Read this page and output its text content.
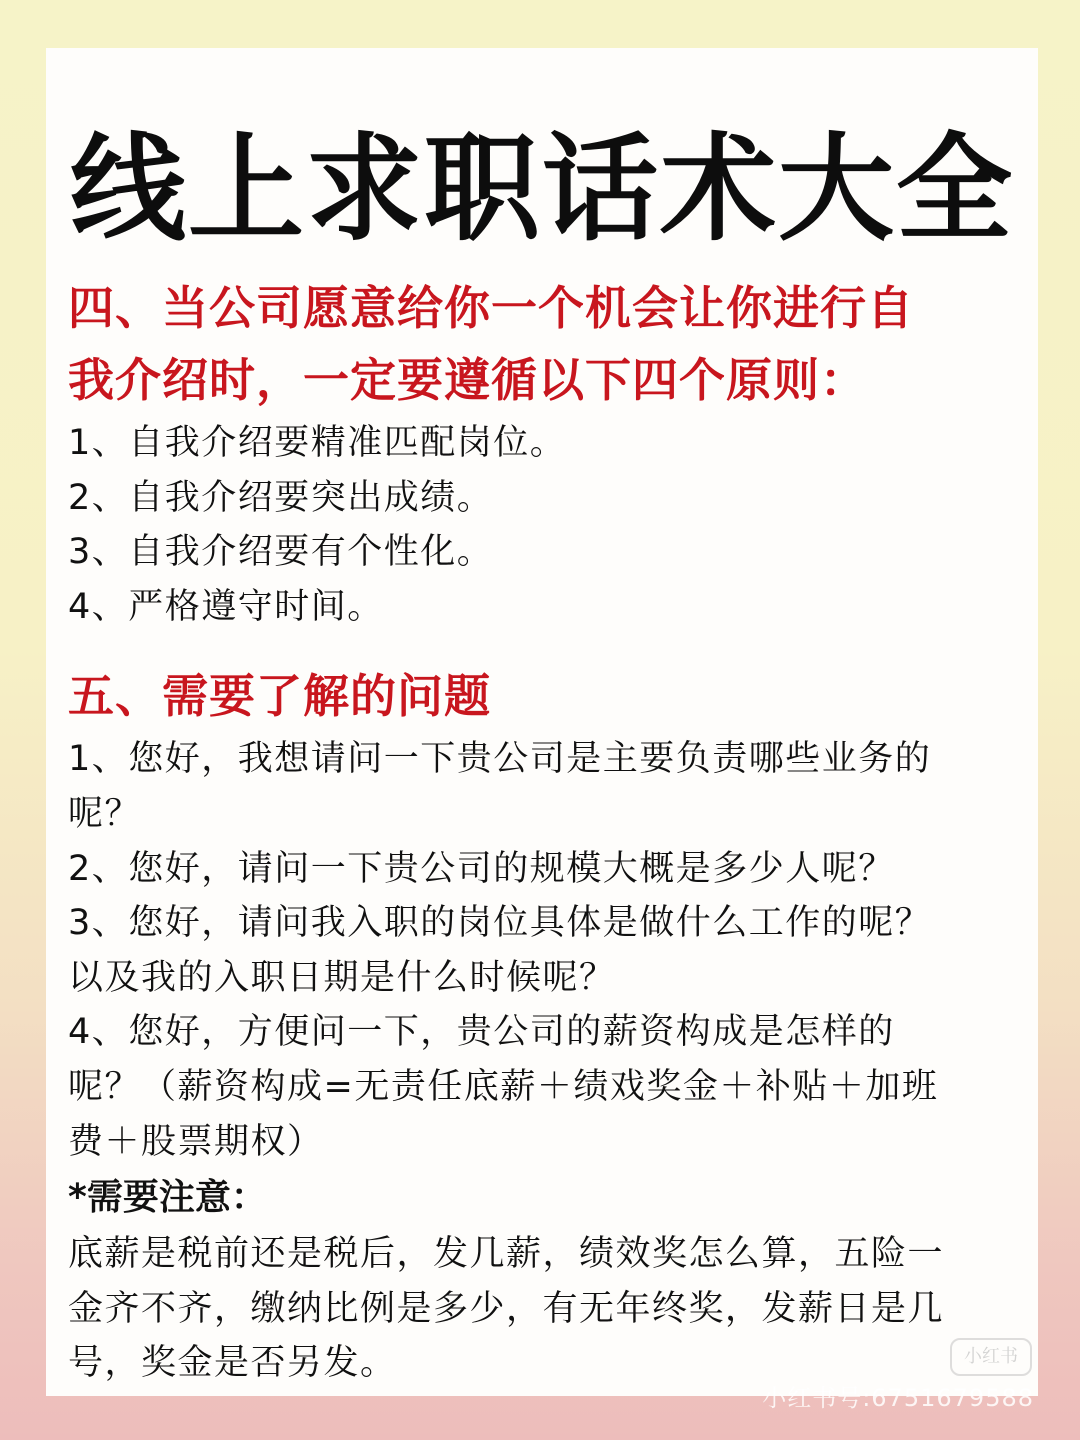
线上求职话术大全

四、当公司愿意给你一个机会让你进行自

我介绍时，一定要遵循以下四个原则：

1、自我介绍要精准匹配岗位。

2、自我介绍要突出成绩。

3、自我介绍要有个性化。

4、严格遵守时间。

五、需要了解的问题

1、您好，我想请问一下贵公司是主要负责哪些业务的

呢？

2、您好，请问一下贵公司的规模大概是多少人呢？

3、您好，请问我入职的岗位具体是做什么工作的呢？

以及我的入职日期是什么时候呢？

4、您好，方便问一下，贵公司的薪资构成是怎样的

呢？（薪资构成=无责任底薪＋绩戏奖金＋补贴＋加班

费＋股票期权）

*需要注意：

底薪是税前还是税后，发几薪，绩效奖怎么算，五险一

金齐不齐，缴纳比例是多少，有无年终奖，发薪日是几

号，奖金是否另发。	小红书
小红书号:6751679588
